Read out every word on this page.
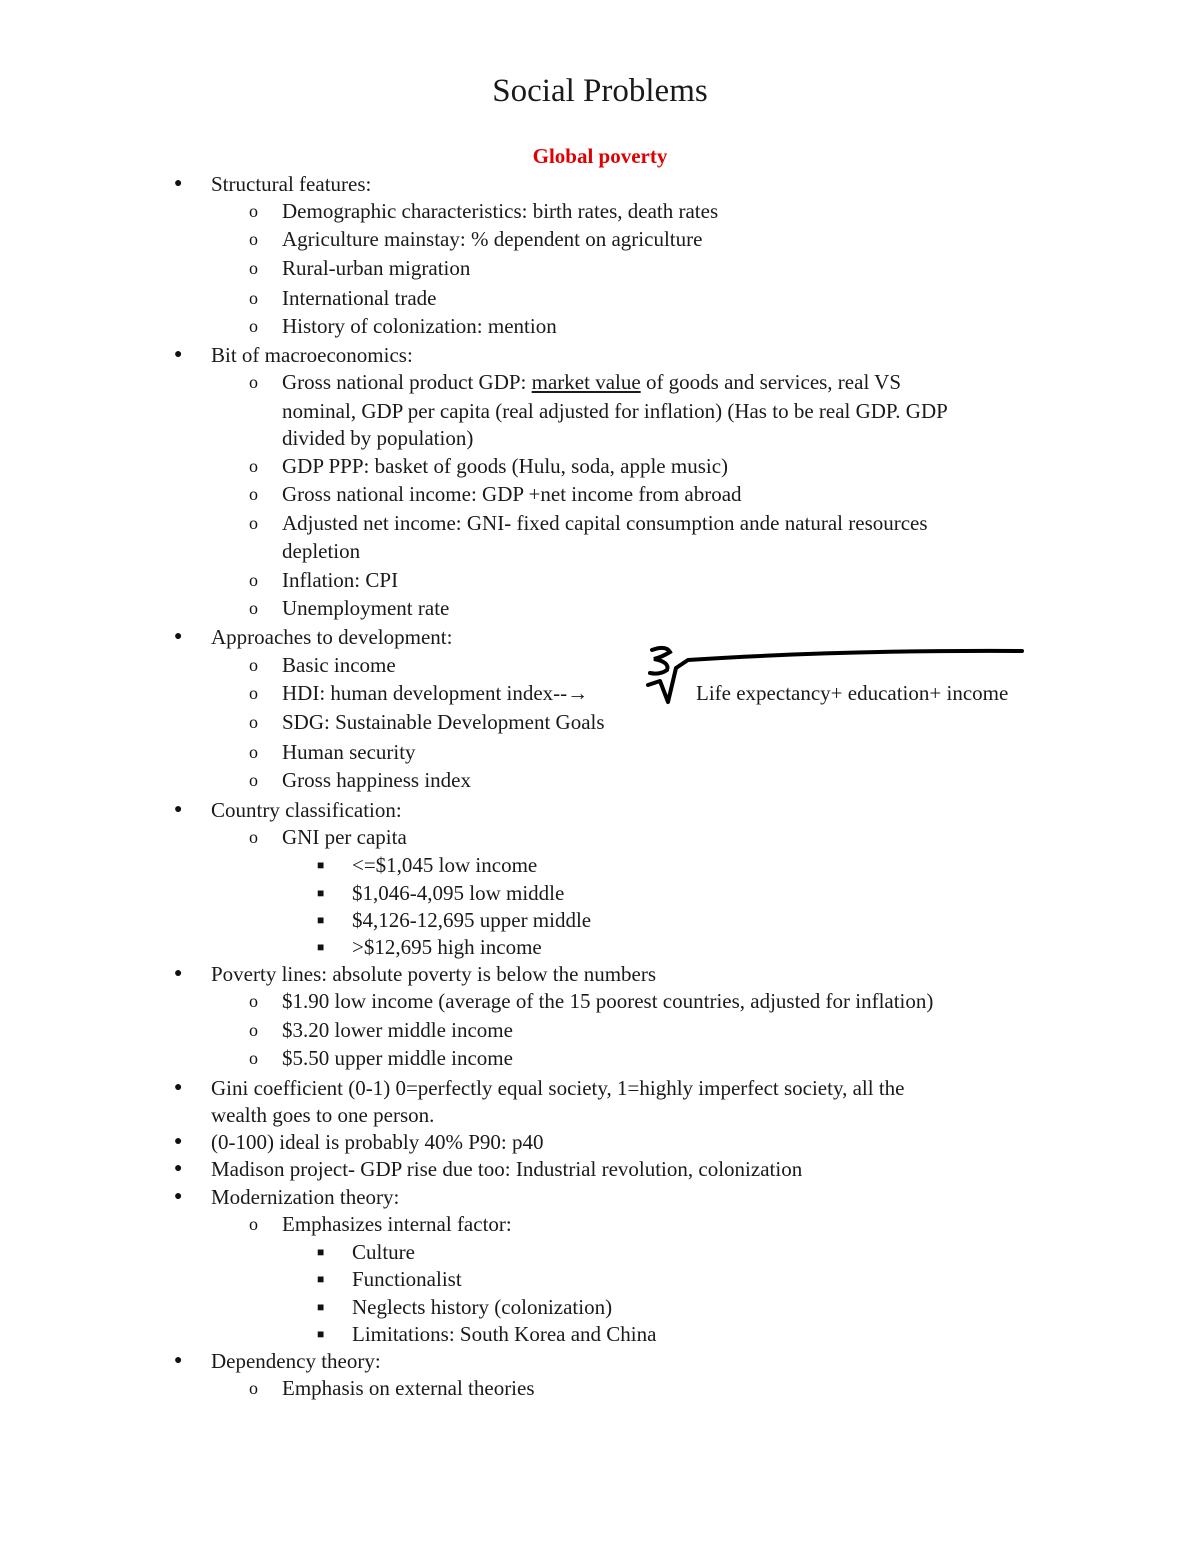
Social Problems
Global poverty
● Structural features:
o Demographic characteristics: birth rates, death rates
o Agriculture mainstay: % dependent on agriculture
o Rural-urban migration
o International trade
o History of colonization: mention
● Bit of macroeconomics:
o Gross national product GDP: market value of goods and services, real VS
nominal, GDP per capita (real adjusted for inflation) (Has to be real GDP. GDP
divided by population)
o GDP PPP: basket of goods (Hulu, soda, apple music)
o Gross national income: GDP +net income from abroad
o Adjusted net income: GNI- fixed capital consumption ande natural resources
depletion
o Inflation: CPI
o Unemployment rate
● Approaches to development:
o Basic income
o HDI: human development index--→
o SDG: Sustainable Development Goals
o Human security
o Gross happiness index
Life expectancy+ education+ income
● Country classification:
o GNI per capita
■ <=$1,045 low income
■ $1,046-4,095 low middle
■ $4,126-12,695 upper middle
■ >$12,695 high income
● Poverty lines: absolute poverty is below the numbers
o $1.90 low income (average of the 15 poorest countries, adjusted for inflation)
o $3.20 lower middle income
o $5.50 upper middle income
● Gini coefficient (0-1) 0=perfectly equal society, 1=highly imperfect society, all the
wealth goes to one person.
● (0-100) ideal is probably 40% P90: p40
● Madison project- GDP rise due too: Industrial revolution, colonization
● Modernization theory:
o Emphasizes internal factor:
■ Culture
■ Functionalist
■ Neglects history (colonization)
■ Limitations: South Korea and China
● Dependency theory:
o Emphasis on external theories
